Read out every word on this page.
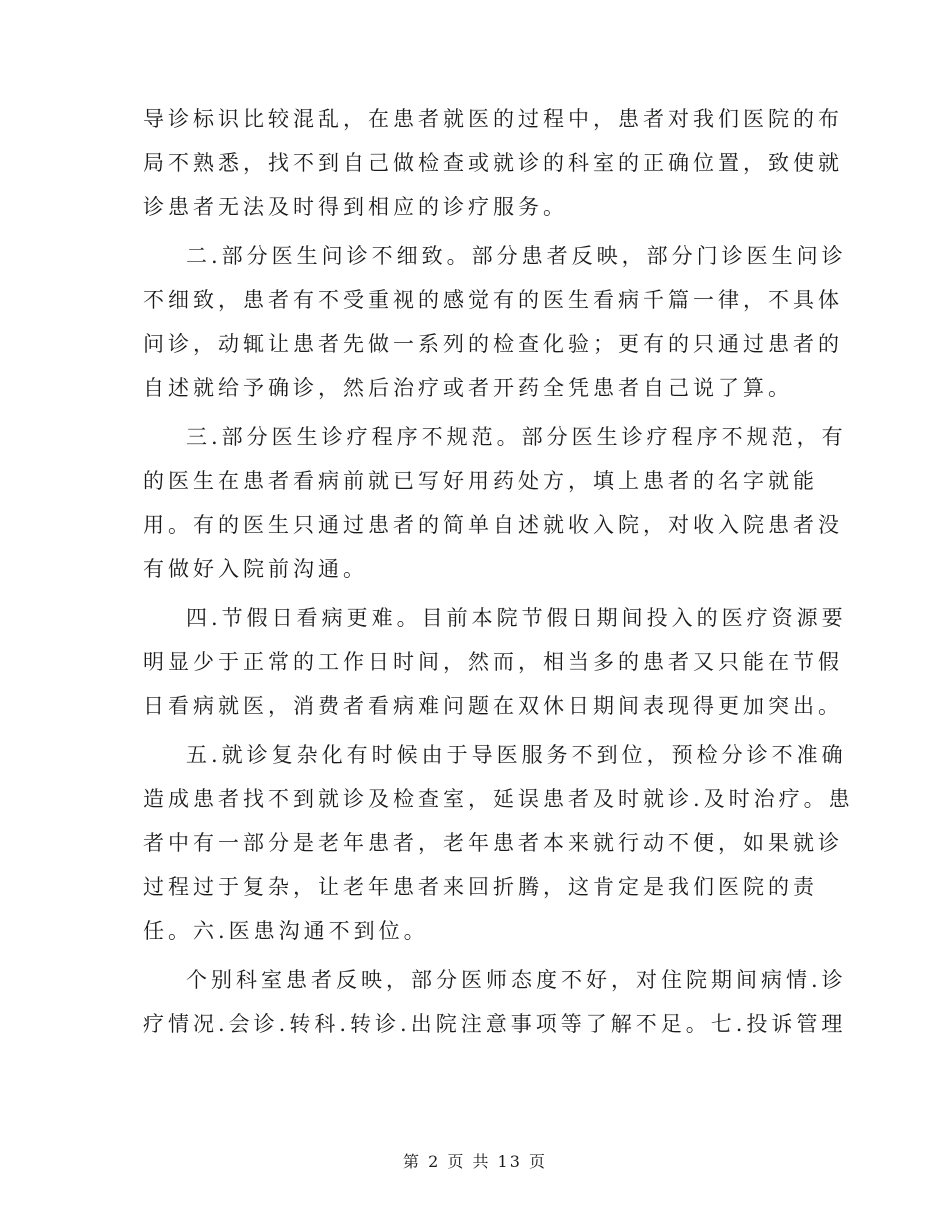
导诊标识比较混乱，在患者就医的过程中，患者对我们医院的布
局不熟悉，找不到自己做检查或就诊的科室的正确位置，致使就
诊患者无法及时得到相应的诊疗服务。
二.部分医生问诊不细致。部分患者反映，部分门诊医生问诊
不细致，患者有不受重视的感觉有的医生看病千篇一律，不具体
问诊，动辄让患者先做一系列的检查化验；更有的只通过患者的
自述就给予确诊，然后治疗或者开药全凭患者自己说了算。
三.部分医生诊疗程序不规范。部分医生诊疗程序不规范，有
的医生在患者看病前就已写好用药处方，填上患者的名字就能
用。有的医生只通过患者的简单自述就收入院，对收入院患者没
有做好入院前沟通。
四.节假日看病更难。目前本院节假日期间投入的医疗资源要
明显少于正常的工作日时间，然而，相当多的患者又只能在节假
日看病就医，消费者看病难问题在双休日期间表现得更加突出。
五.就诊复杂化有时候由于导医服务不到位，预检分诊不准确
造成患者找不到就诊及检查室，延误患者及时就诊.及时治疗。患
者中有一部分是老年患者，老年患者本来就行动不便，如果就诊
过程过于复杂，让老年患者来回折腾，这肯定是我们医院的责
任。六.医患沟通不到位。
个别科室患者反映，部分医师态度不好，对住院期间病情.诊
疗情况.会诊.转科.转诊.出院注意事项等了解不足。七.投诉管理
第 2 页 共 13 页
